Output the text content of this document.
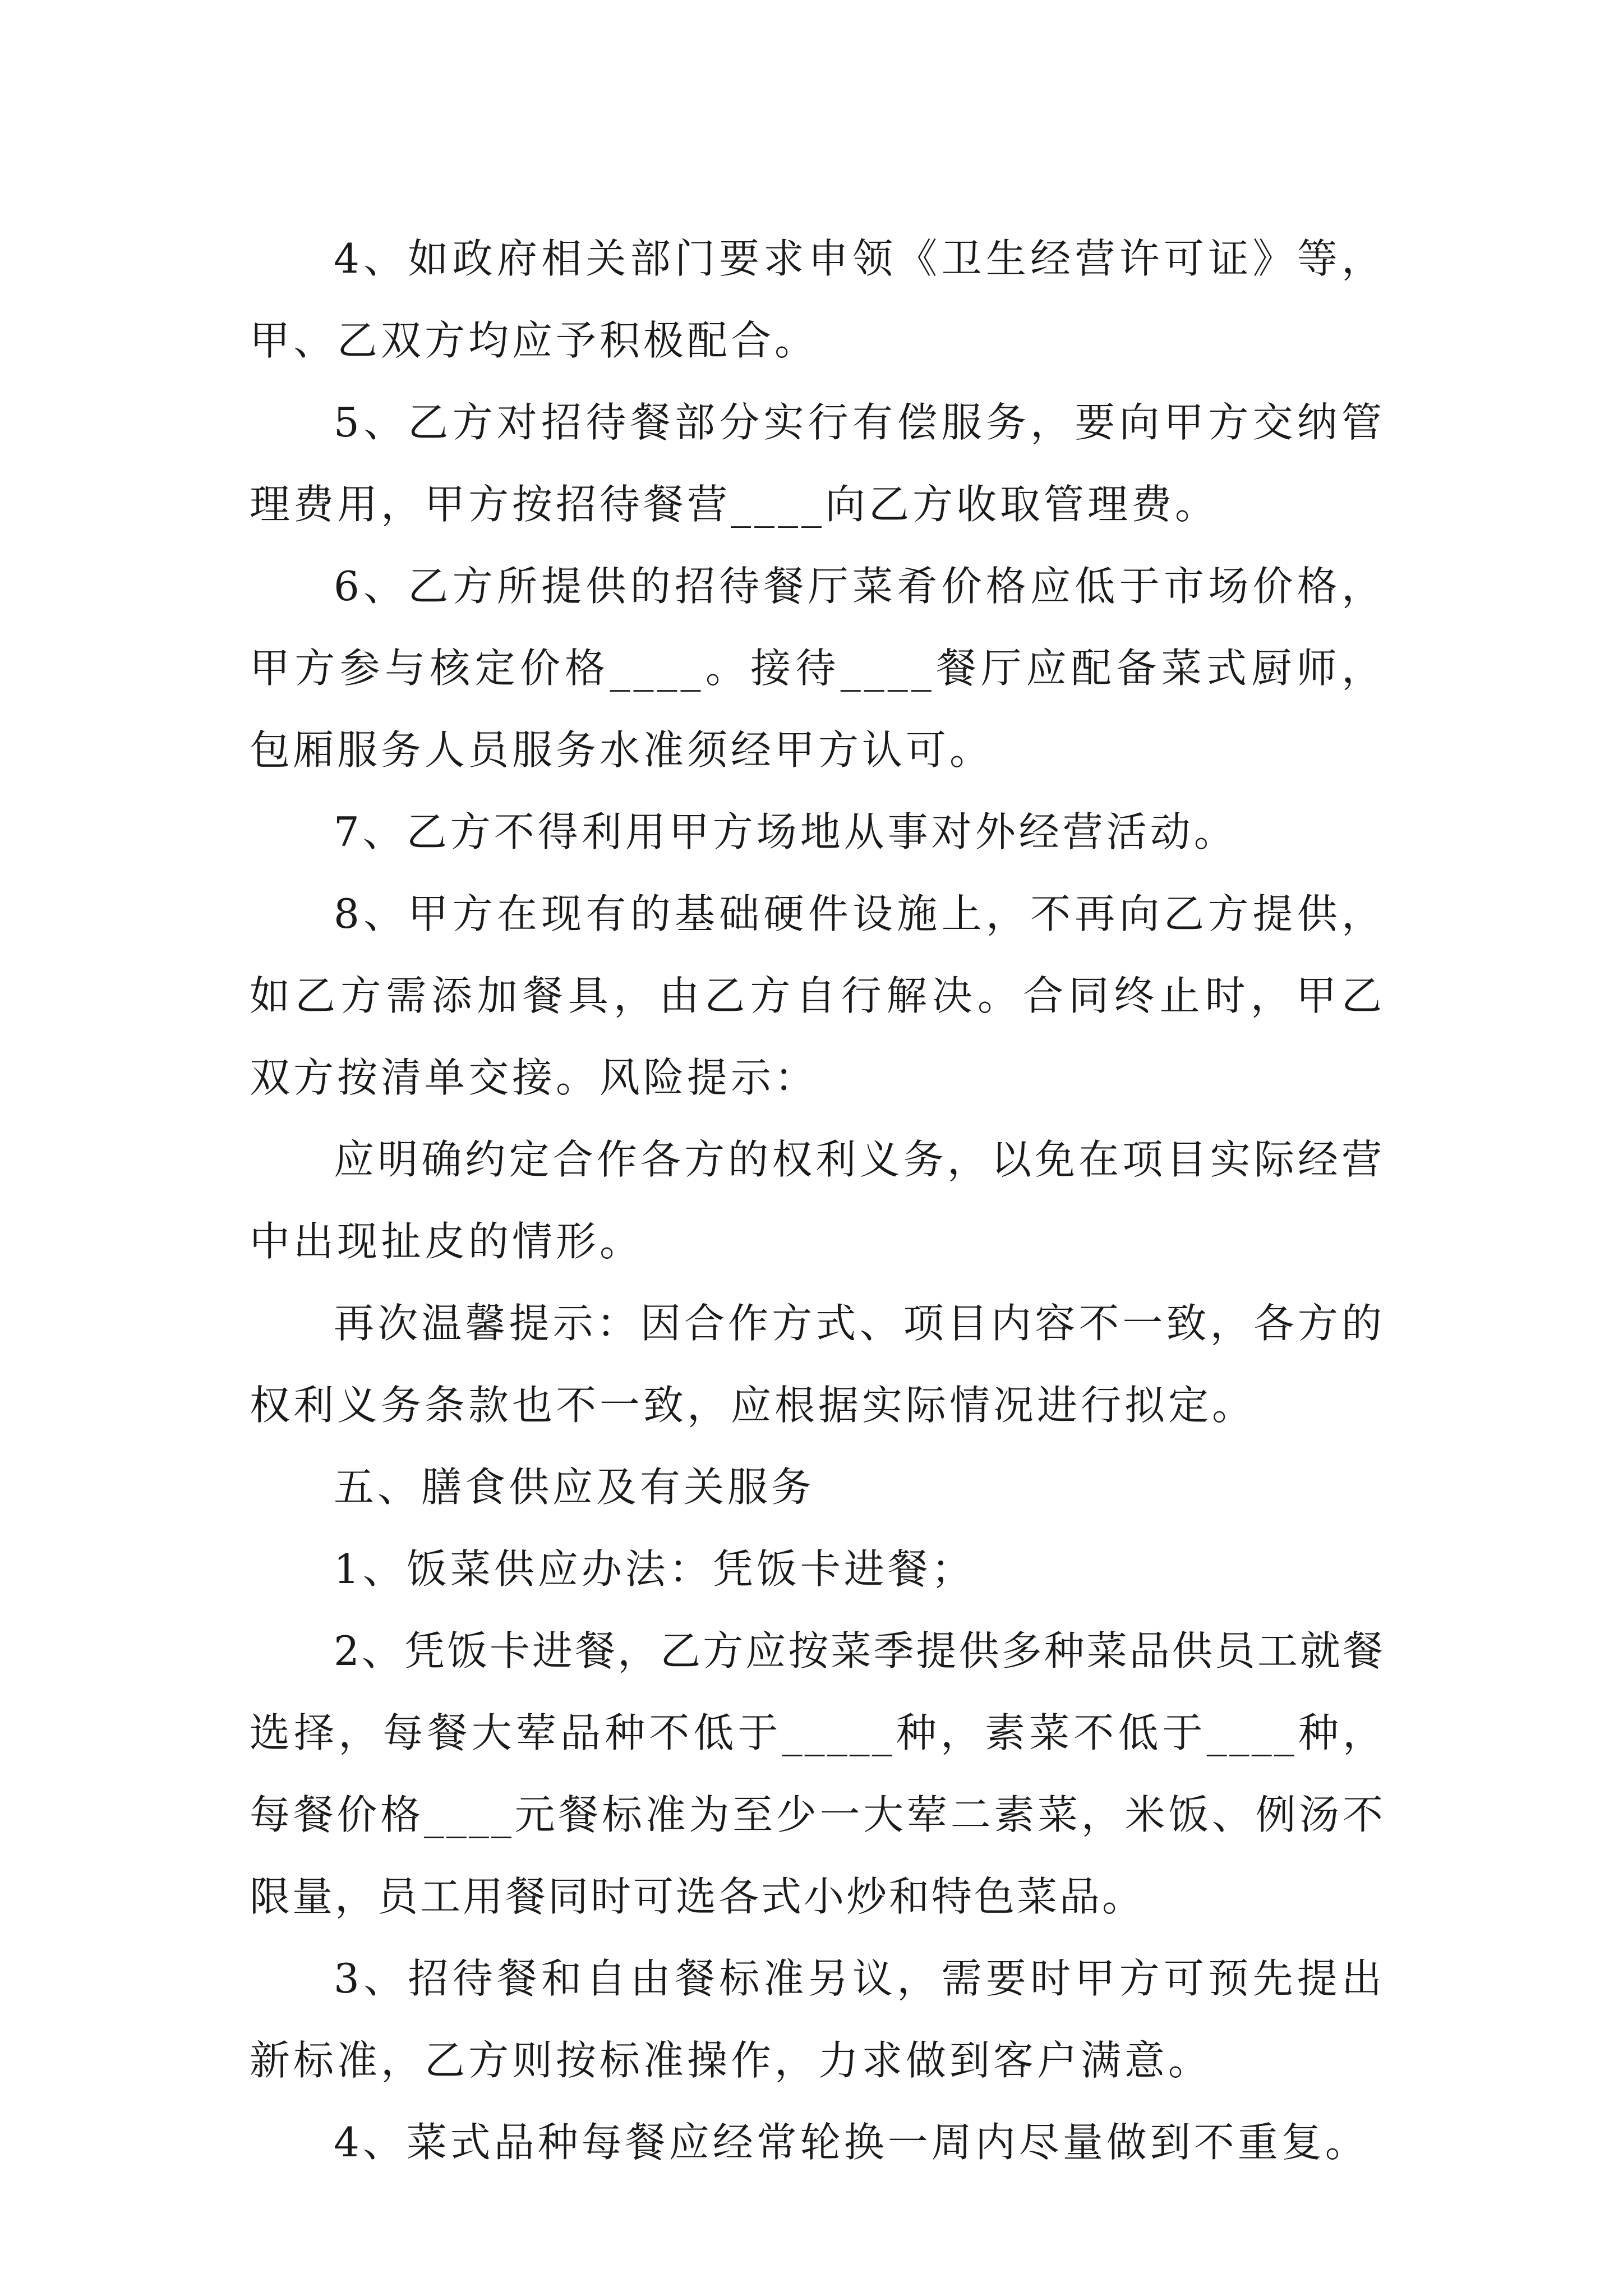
4、如政府相关部门要求申领《卫生经营许可证》等，甲、乙双方均应予积极配合。

5、乙方对招待餐部分实行有偿服务，要向甲方交纳管理费用，甲方按招待餐营____向乙方收取管理费。

6、乙方所提供的招待餐厅菜肴价格应低于市场价格，甲方参与核定价格____。接待____餐厅应配备菜式厨师，包厢服务人员服务水准须经甲方认可。

7、乙方不得利用甲方场地从事对外经营活动。

8、甲方在现有的基础硬件设施上，不再向乙方提供，如乙方需添加餐具，由乙方自行解决。合同终止时，甲乙双方按清单交接。风险提示：

应明确约定合作各方的权利义务，以免在项目实际经营中出现扯皮的情形。

再次温馨提示：因合作方式、项目内容不一致，各方的权利义务条款也不一致，应根据实际情况进行拟定。

五、膳食供应及有关服务

1、饭菜供应办法：凭饭卡进餐；

2、凭饭卡进餐，乙方应按菜季提供多种菜品供员工就餐选择，每餐大荤品种不低于_____种，素菜不低于____种，每餐价格____元餐标准为至少一大荤二素菜，米饭、例汤不限量，员工用餐同时可选各式小炒和特色菜品。

3、招待餐和自由餐标准另议，需要时甲方可预先提出新标准，乙方则按标准操作，力求做到客户满意。

4、菜式品种每餐应经常轮换一周内尽量做到不重复。
